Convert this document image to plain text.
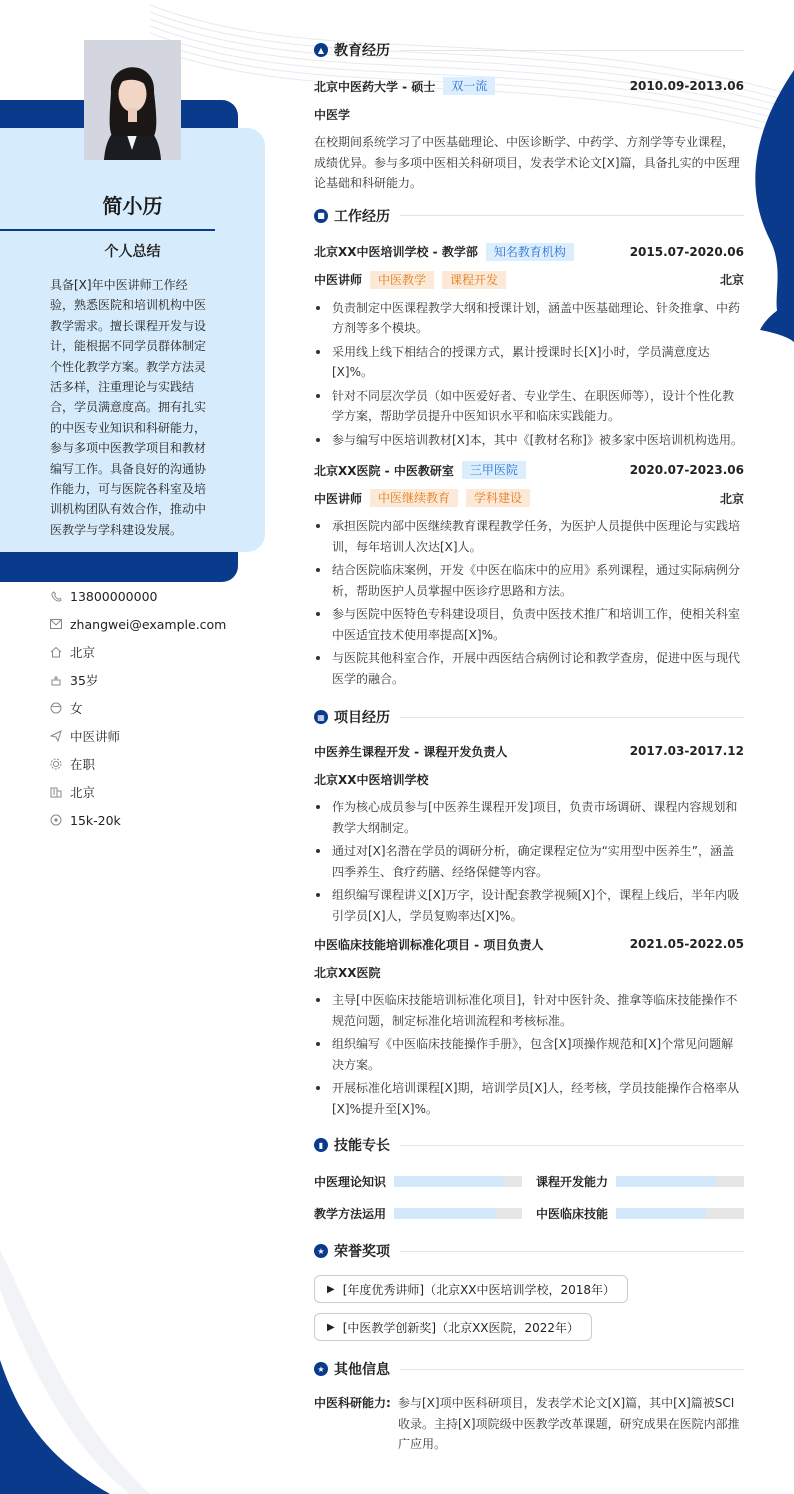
简小历
个人总结
具备[X]年中医讲师工作经验，熟悉医院和培训机构中医教学需求。擅长课程开发与设计，能根据不同学员群体制定个性化教学方案。教学方法灵活多样，注重理论与实践结合，学员满意度高。拥有扎实的中医专业知识和科研能力，参与多项中医教学项目和教材编写工作。具备良好的沟通协作能力，可与医院各科室及培训机构团队有效合作，推动中医教学与学科建设发展。
13800000000
zhangwei@example.com
北京
35岁
女
中医讲师
在职
北京
15k-20k
▲ 教育经历
北京中医药大学 - 硕士	双一流	2010.09-2013.06
中医学
在校期间系统学习了中医基础理论、中医诊断学、中药学、方剂学等专业课程，成绩优异。参与多项中医相关科研项目，发表学术论文[X]篇，具备扎实的中医理论基础和科研能力。
■ 工作经历
北京XX中医培训学校 - 教学部	知名教育机构	2015.07-2020.06
中医讲师	中医教学	课程开发	北京
负责制定中医课程教学大纲和授课计划，涵盖中医基础理论、针灸推拿、中药方剂等多个模块。
采用线上线下相结合的授课方式，累计授课时长[X]小时，学员满意度达[X]%。
针对不同层次学员（如中医爱好者、专业学生、在职医师等），设计个性化教学方案，帮助学员提升中医知识水平和临床实践能力。
参与编写中医培训教材[X]本，其中《[教材名称]》被多家中医培训机构选用。
北京XX医院 - 中医教研室	三甲医院	2020.07-2023.06
中医讲师	中医继续教育	学科建设	北京
承担医院内部中医继续教育课程教学任务，为医护人员提供中医理论与实践培训，每年培训人次达[X]人。
结合医院临床案例，开发《中医在临床中的应用》系列课程，通过实际病例分析，帮助医护人员掌握中医诊疗思路和方法。
参与医院中医特色专科建设项目，负责中医技术推广和培训工作，使相关科室中医适宜技术使用率提高[X]%。
与医院其他科室合作，开展中西医结合病例讨论和教学查房，促进中医与现代医学的融合。
▦ 项目经历
中医养生课程开发 - 课程开发负责人	2017.03-2017.12
北京XX中医培训学校
作为核心成员参与[中医养生课程开发]项目，负责市场调研、课程内容规划和教学大纲制定。
通过对[X]名潜在学员的调研分析，确定课程定位为“实用型中医养生”，涵盖四季养生、食疗药膳、经络保健等内容。
组织编写课程讲义[X]万字，设计配套教学视频[X]个，课程上线后，半年内吸引学员[X]人，学员复购率达[X]%。
中医临床技能培训标准化项目 - 项目负责人	2021.05-2022.05
北京XX医院
主导[中医临床技能培训标准化项目]，针对中医针灸、推拿等临床技能操作不规范问题，制定标准化培训流程和考核标准。
组织编写《中医临床技能操作手册》，包含[X]项操作规范和[X]个常见问题解决方案。
开展标准化培训课程[X]期，培训学员[X]人，经考核，学员技能操作合格率从[X]%提升至[X]%。
▮ 技能专长
中医理论知识	课程开发能力
教学方法运用	中医临床技能
★ 荣誉奖项
▶ [年度优秀讲师]（北京XX中医培训学校，2018年）
▶ [中医教学创新奖]（北京XX医院，2022年）
★ 其他信息
中医科研能力: 参与[X]项中医科研项目，发表学术论文[X]篇，其中[X]篇被SCI收录。主持[X]项院级中医教学改革课题，研究成果在医院内部推广应用。
